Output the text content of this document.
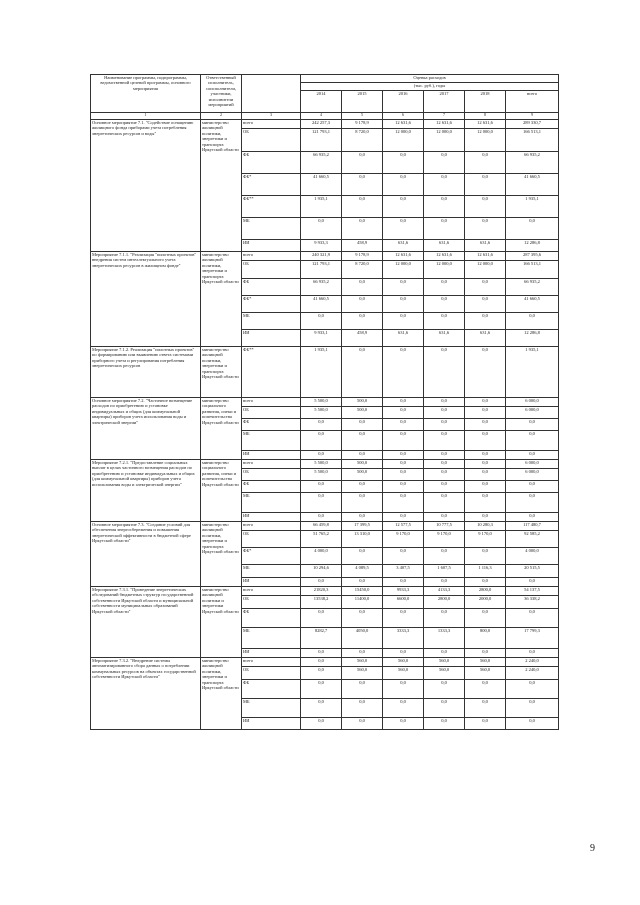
Наименование программы, подпрограммы, ведомственной целевой программы, основного мероприятия	Ответственный исполнитель, соисполнители, участники, исполнители мероприятий		Оценка расходов					
			(тыс. руб.), годы					
			2014	2015	2016	2017	2018	всего
1	2	3	4	5	6	7	8	9
Основное мероприятие 7.1. "Содействие оснащению жилищного фонда приборами учета потребления энергетических ресурсов и воды"	министерство жилищной политики, энергетики и транспорта Иркутской области	всего	242 257,3	9 178,9	12 631,6	12 631,6	12 631,6	289 330,7
		ОБ	121 793,1	8 720,0	12 000,0	12 000,0	12 000,0	166 513,1
		ФБ	66 935,2	0,0	0,0	0,0	0,0	66 935,2
		ФБ*	41 660,5	0,0	0,0	0,0	0,0	41 660,5
		ФБ**	1 935,1	0,0	0,0	0,0	0,0	1 935,1
		МБ	0,0	0,0	0,0	0,0	0,0	0,0
		ИИ	9 933,3	458,9	631,6	631,6	631,6	12 286,8
Мероприятие 7.1.1. "Реализация "пилотных проектов" внедрения систем интеллектуального учета энергетических ресурсов в жилищном фонде"	министерство жилищной политики, энергетики и транспорта Иркутской области	всего	240 321,9	9 178,9	12 631,6	12 631,6	12 631,6	287 395,6
		ОБ	121 793,1	8 720,0	12 000,0	12 000,0	12 000,0	166 513,1
		ФБ	66 935,2	0,0	0,0	0,0	0,0	66 935,2
		ФБ*	41 660,5	0,0	0,0	0,0	0,0	41 660,5
		МБ	0,0	0,0	0,0	0,0	0,0	0,0
		ИИ	9 933,1	458,9	631,6	631,6	631,6	12 286,8
Мероприятие 7.1.2. Реализация "пилотных проектов" по формированию или выявлению ответа системами приборного учета и регулирования потребления энергетических ресурсов	министерство жилищной политики, энергетики и транспорта Иркутской области	ФБ**	1 935,1	0,0	0,0	0,0	0,0	1 935,1
Основное мероприятие 7.2. "Частичное возмещение расходов по приобретению и установке индивидуальных и общих (для коммунальной квартиры) приборов учета использования воды и электрической энергии"	министерство социального развития, опеки и попечительства Иркутской области	всего	5 500,0	500,0	0,0	0,0	0,0	6 000,0
		ОБ	5 500,0	500,0	0,0	0,0	0,0	6 000,0
		ФБ	0,0	0,0	0,0	0,0	0,0	0,0
		МБ	0,0	0,0	0,0	0,0	0,0	0,0
		ИИ	0,0	0,0	0,0	0,0	0,0	0,0
Мероприятие 7.2.1. "Предоставление социальных выплат в целях частичного возмещения расходов по приобретению и установке индивидуальных и общих (для коммунальной квартиры) приборов учета использования воды и электрической энергии"	министерство социального развития, опеки и попечительства Иркутской области	всего	5 500,0	500,0	0,0	0,0	0,0	6 000,0
		ОБ	5 500,0	500,0	0,0	0,0	0,0	6 000,0
		ФБ	0,0	0,0	0,0	0,0	0,0	0,0
		МБ	0,0	0,0	0,0	0,0	0,0	0,0
		ИИ	0,0	0,0	0,0	0,0	0,0	0,0
Основное мероприятие 7.3. "Создание условий для обеспечения энергосбережения и повышения энергетической эффективности в бюджетной сфере Иркутской области"	министерство жилищной политики, энергетики и транспорта Иркутской области	всего	66 459,8	17 399,5	12 577,5	10 777,5	10 280,3	117 480,7
		ОБ	51 765,2	13 310,0	9 170,0	9 170,0	9 170,0	92 585,2
		ФБ*	4 000,0	0,0	0,0	0,0	0,0	4 000,0
		МБ	10 294,6	4 089,5	3 407,5	1 607,5	1 116,3	20 515,5
		ИИ	0,0	0,0	0,0	0,0	0,0	0,0
Мероприятие 7.3.1. "Проведение энергетических обследований бюджетных структур государственной собственности Иркутской области и муниципальной собственности муниципальных образований Иркутской области"	министерство жилищной политики и энергетики Иркутской области	всего	21820,3	15450,0	9933,3	4133,3	2800,0	54 137,5
		ОБ	13538,2	11400,0	6600,0	2800,0	2000,0	36 338,2
		ФБ	0,0	0,0	0,0	0,0	0,0	0,0
		МБ	8282,7	4050,0	3333,3	1333,3	800,0	17 799,3
		ИИ	0,0	0,0	0,0	0,0	0,0	0,0
Мероприятие 7.3.2. "Внедрение системы автоматизированного сбора данных о потреблении коммунальных ресурсов на объектах государственной собственности Иркутской области"	министерство жилищной политики, энергетики и транспорта Иркутской области	всего	0,0	560,0	560,0	560,0	560,0	2 240,0
		ОБ	0,0	560,0	560,0	560,0	560,0	2 240,0
		ФБ	0,0	0,0	0,0	0,0	0,0	0,0
		МБ	0,0	0,0	0,0	0,0	0,0	0,0
		ИИ	0,0	0,0	0,0	0,0	0,0	0,0
9
